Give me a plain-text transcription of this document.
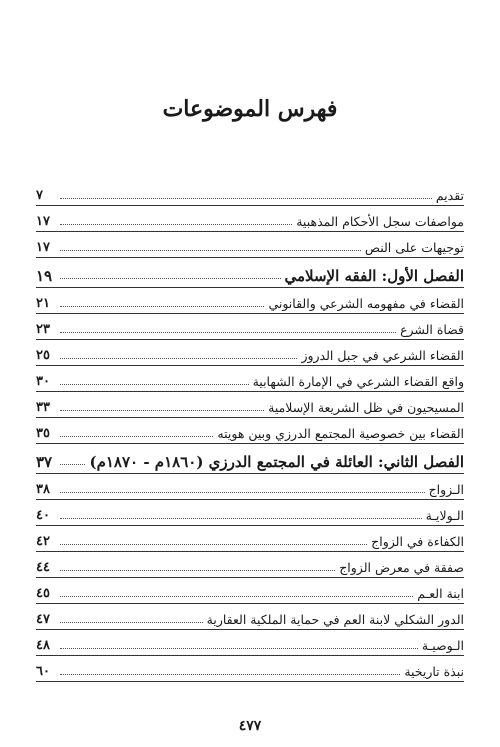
فهرس الموضوعات
تقديم
٧
مواصفات سجل الأحكام المذهبية
١٧
توجيهات على النص
١٧
الفصل الأول: الفقه الإسلامي
١٩
القضاء في مفهومه الشرعي والقانوني
٢١
قضاة الشرع
٢٣
القضاء الشرعي في جبل الدروز
٢٥
واقع القضاء الشرعي في الإمارة الشهابية
٣٠
المسيحيون في ظل الشريعة الإسلامية
٣٣
القضاء بين خصوصية المجتمع الدرزي وبين هويته
٣٥
الفصل الثاني: العائلة في المجتمع الدرزي (١٨٦٠م - ١٨٧٠م)
٣٧
الـزواج
٣٨
الـولايـة
٤٠
الكفاءة في الزواج
٤٢
صفقة في معرض الزواج
٤٤
ابنة العـم
٤٥
الدور الشكلي لابنة العم في حماية الملكية العقارية
٤٧
الـوصيـة
٤٨
نبذة تاريخية
٦٠
٤٧٧
